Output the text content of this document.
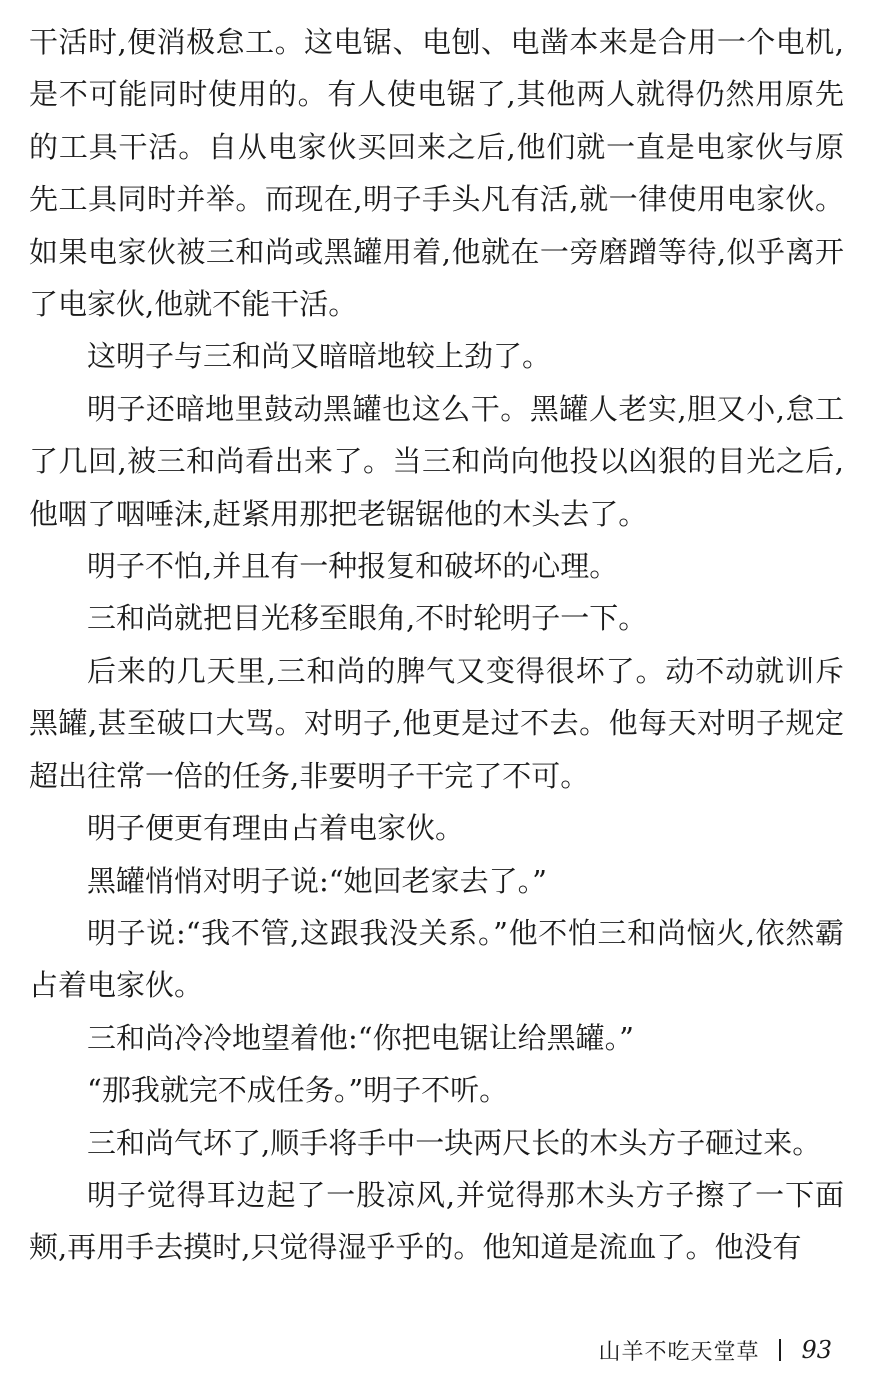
干活时,便消极怠工。这电锯、电刨、电凿本来是合用一个电机,是不可能同时使用的。有人使电锯了,其他两人就得仍然用原先的工具干活。自从电家伙买回来之后,他们就一直是电家伙与原先工具同时并举。而现在,明子手头凡有活,就一律使用电家伙。如果电家伙被三和尚或黑罐用着,他就在一旁磨蹭等待,似乎离开了电家伙,他就不能干活。

这明子与三和尚又暗暗地较上劲了。

明子还暗地里鼓动黑罐也这么干。黑罐人老实,胆又小,怠工了几回,被三和尚看出来了。当三和尚向他投以凶狠的目光之后,他咽了咽唾沫,赶紧用那把老锯锯他的木头去了。

明子不怕,并且有一种报复和破坏的心理。

三和尚就把目光移至眼角,不时轮明子一下。

后来的几天里,三和尚的脾气又变得很坏了。动不动就训斥黑罐,甚至破口大骂。对明子,他更是过不去。他每天对明子规定超出往常一倍的任务,非要明子干完了不可。

明子便更有理由占着电家伙。

黑罐悄悄对明子说:“她回老家去了。”

明子说:“我不管,这跟我没关系。”他不怕三和尚恼火,依然霸占着电家伙。

三和尚冷冷地望着他:“你把电锯让给黑罐。”

“那我就完不成任务。”明子不听。

三和尚气坏了,顺手将手中一块两尺长的木头方子砸过来。

明子觉得耳边起了一股凉风,并觉得那木头方子擦了一下面颊,再用手去摸时,只觉得湿乎乎的。他知道是流血了。他没有

山羊不吃天堂草 93
